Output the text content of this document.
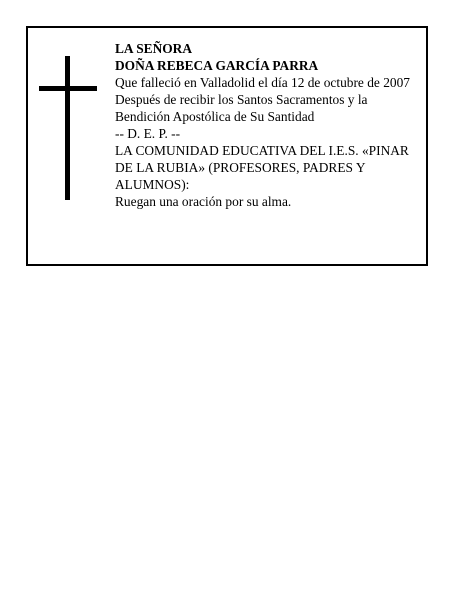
LA SEÑORA
DOÑA REBECA GARCÍA PARRA
Que falleció en Valladolid el día 12 de octubre de 2007
Después de recibir los Santos Sacramentos y la
Bendición Apostólica de Su Santidad
-- D. E. P. --
LA COMUNIDAD EDUCATIVA DEL I.E.S. «PINAR
DE LA RUBIA» (PROFESORES, PADRES Y
ALUMNOS):
Ruegan una oración por su alma.
